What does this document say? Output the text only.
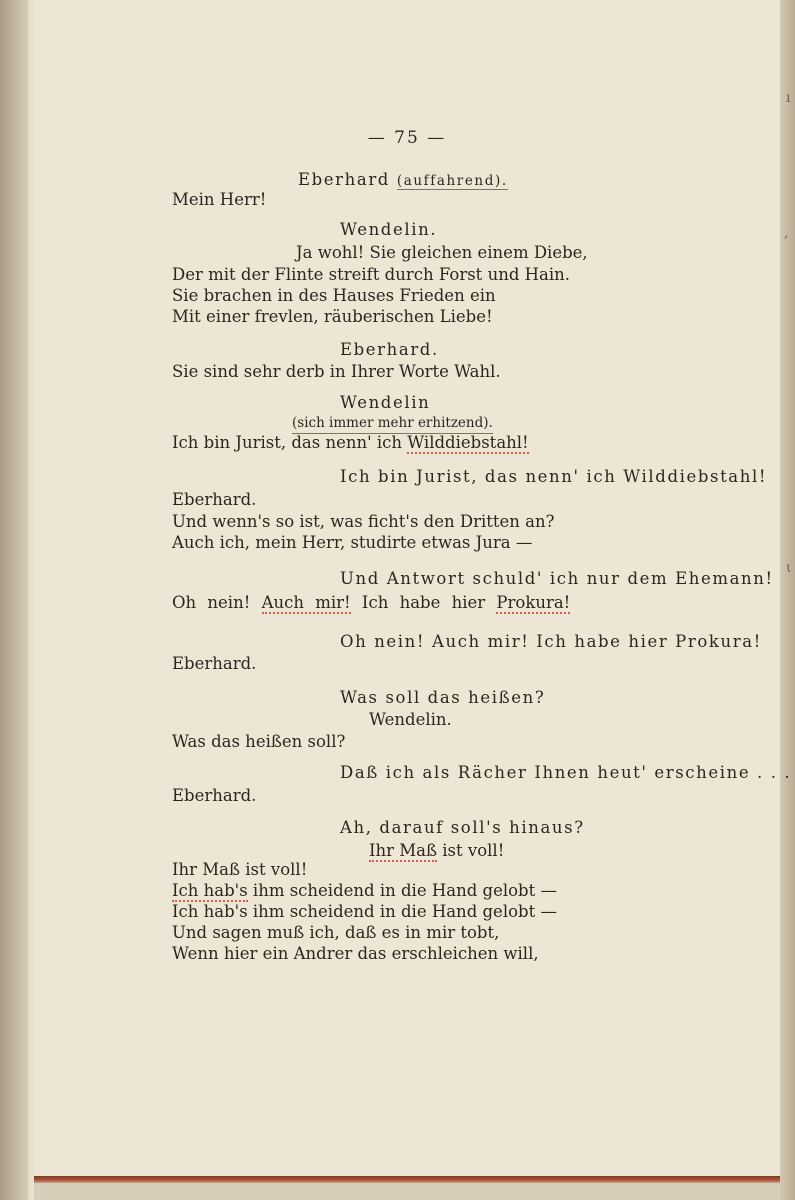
— 75 —
Eberhard (auffahrend).
Mein Herr!
Wendelin.
Ja wohl! Sie gleichen einem Diebe,
Der mit der Flinte streift durch Forst und Hain.
Sie brachen in des Hauses Frieden ein
Mit einer frevlen, räuberischen Liebe!
Eberhard.
Sie sind sehr derb in Ihrer Worte Wahl.
Wendelin
(sich immer mehr erhitzend).
Ich bin Jurist, das nenn' ich Wilddiebstahl!
Ich bin Jurist, das nenn' ich Wilddiebstahl!
Eberhard.
Und wenn's so ist, was ficht's den Dritten an?
Auch ich, mein Herr, studirte etwas Jura —
Und Antwort schuld' ich nur dem Ehemann!
Oh nein! Auch mir! Ich habe hier Prokura!
Oh nein! Auch mir! Ich habe hier Prokura!
Eberhard.
Was soll das heißen?
Wendelin.
Was das heißen soll?
Daß ich als Rächer Ihnen heut' erscheine . . .
Eberhard.
Ah, darauf soll's hinaus?
Ihr Maß ist voll!
Ihr Maß ist voll!
Ich hab's ihm scheidend in die Hand gelobt —
Ich hab's ihm scheidend in die Hand gelobt —
Und sagen muß ich, daß es in mir tobt,
Wenn hier ein Andrer das erschleichen will,
ı
,
ι
